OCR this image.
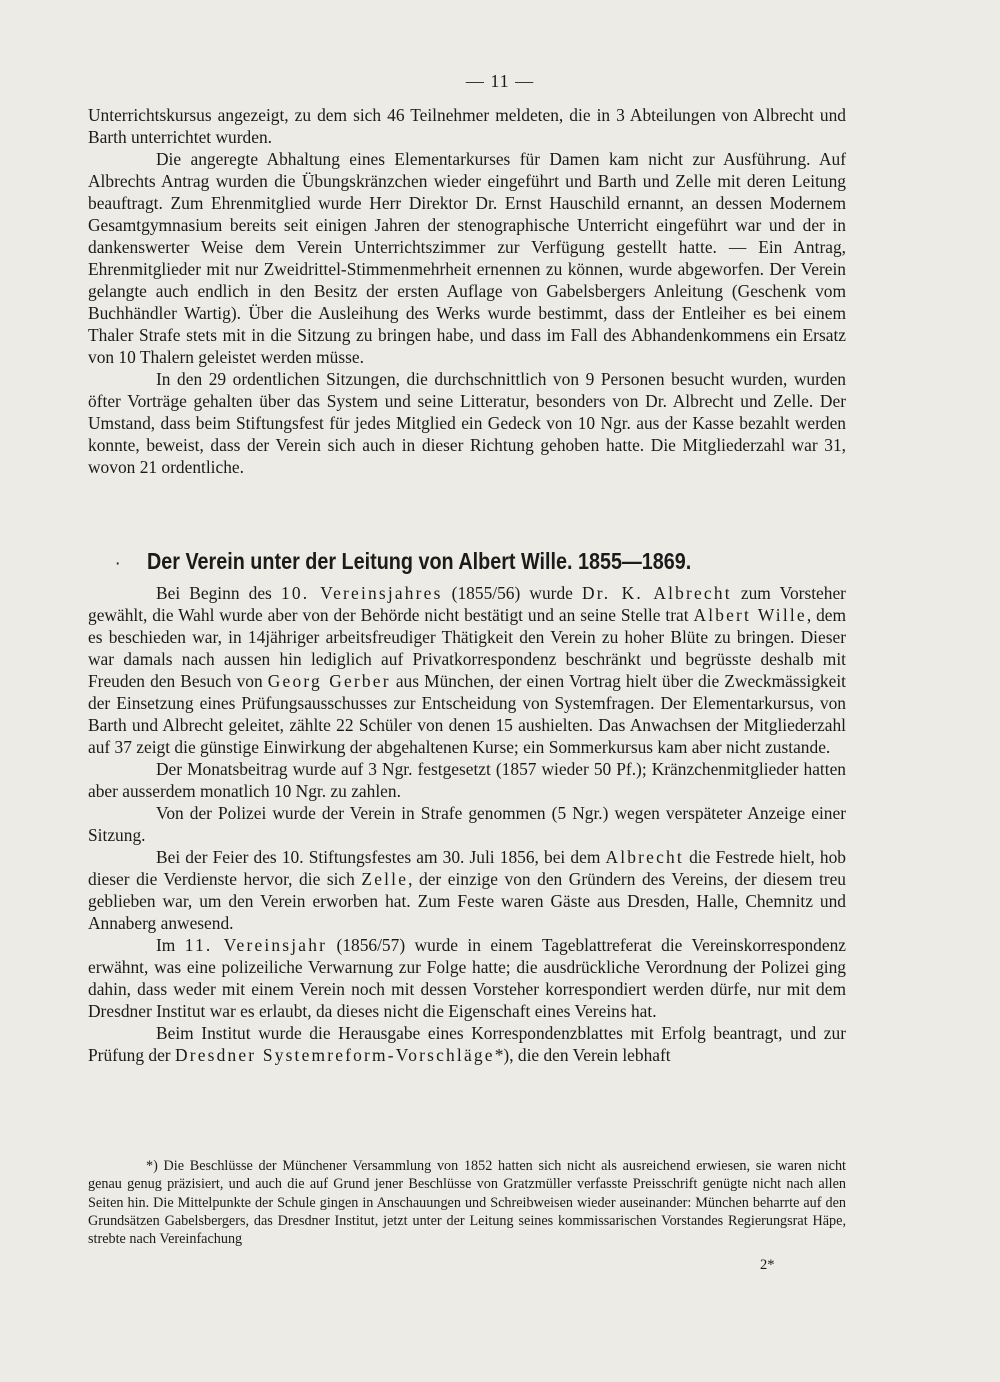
— 11 —

Unterrichtskursus angezeigt, zu dem sich 46 Teilnehmer meldeten, die in 3 Abteilungen von Albrecht und Barth unterrichtet wurden.

Die angeregte Abhaltung eines Elementarkurses für Damen kam nicht zur Ausführung. Auf Albrechts Antrag wurden die Übungskränzchen wieder eingeführt und Barth und Zelle mit deren Leitung beauftragt. Zum Ehrenmitglied wurde Herr Direktor Dr. Ernst Hauschild ernannt, an dessen Modernem Gesamtgymnasium bereits seit einigen Jahren der stenographische Unterricht eingeführt war und der in dankenswerter Weise dem Verein Unterrichtszimmer zur Verfügung gestellt hatte. — Ein Antrag, Ehrenmitglieder mit nur Zweidrittel-Stimmenmehrheit ernennen zu können, wurde abgeworfen. Der Verein gelangte auch endlich in den Besitz der ersten Auflage von Gabelsbergers Anleitung (Geschenk vom Buchhändler Wartig). Über die Ausleihung des Werks wurde bestimmt, dass der Entleiher es bei einem Thaler Strafe stets mit in die Sitzung zu bringen habe, und dass im Fall des Abhandenkommens ein Ersatz von 10 Thalern geleistet werden müsse.

In den 29 ordentlichen Sitzungen, die durchschnittlich von 9 Personen besucht wurden, wurden öfter Vorträge gehalten über das System und seine Litteratur, besonders von Dr. Albrecht und Zelle. Der Umstand, dass beim Stiftungsfest für jedes Mitglied ein Gedeck von 10 Ngr. aus der Kasse bezahlt werden konnte, beweist, dass der Verein sich auch in dieser Richtung gehoben hatte. Die Mitgliederzahl war 31, wovon 21 ordentliche.

· Der Verein unter der Leitung von Albert Wille. 1855—1869.

Bei Beginn des 10. Vereinsjahres (1855/56) wurde Dr. K. Albrecht zum Vorsteher gewählt, die Wahl wurde aber von der Behörde nicht bestätigt und an seine Stelle trat Albert Wille, dem es beschieden war, in 14jähriger arbeitsfreudiger Thätigkeit den Verein zu hoher Blüte zu bringen. Dieser war damals nach aussen hin lediglich auf Privatkorrespondenz beschränkt und begrüsste deshalb mit Freuden den Besuch von Georg Gerber aus München, der einen Vortrag hielt über die Zweckmässigkeit der Einsetzung eines Prüfungsausschusses zur Entscheidung von Systemfragen. Der Elementarkursus, von Barth und Albrecht geleitet, zählte 22 Schüler von denen 15 aushielten. Das Anwachsen der Mitgliederzahl auf 37 zeigt die günstige Einwirkung der abgehaltenen Kurse; ein Sommerkursus kam aber nicht zustande.

Der Monatsbeitrag wurde auf 3 Ngr. festgesetzt (1857 wieder 50 Pf.); Kränzchenmitglieder hatten aber ausserdem monatlich 10 Ngr. zu zahlen.

Von der Polizei wurde der Verein in Strafe genommen (5 Ngr.) wegen verspäteter Anzeige einer Sitzung.

Bei der Feier des 10. Stiftungsfestes am 30. Juli 1856, bei dem Albrecht die Festrede hielt, hob dieser die Verdienste hervor, die sich Zelle, der einzige von den Gründern des Vereins, der diesem treu geblieben war, um den Verein erworben hat. Zum Feste waren Gäste aus Dresden, Halle, Chemnitz und Annaberg anwesend.

Im 11. Vereinsjahr (1856/57) wurde in einem Tageblattreferat die Vereinskorrespondenz erwähnt, was eine polizeiliche Verwarnung zur Folge hatte; die ausdrückliche Verordnung der Polizei ging dahin, dass weder mit einem Verein noch mit dessen Vorsteher korrespondiert werden dürfe, nur mit dem Dresdner Institut war es erlaubt, da dieses nicht die Eigenschaft eines Vereins hat.

Beim Institut wurde die Herausgabe eines Korrespondenzblattes mit Erfolg beantragt, und zur Prüfung der Dresdner Systemreform-Vorschläge*), die den Verein lebhaft

*) Die Beschlüsse der Münchener Versammlung von 1852 hatten sich nicht als ausreichend erwiesen, sie waren nicht genau genug präzisiert, und auch die auf Grund jener Beschlüsse von Gratzmüller verfasste Preisschrift genügte nicht nach allen Seiten hin. Die Mittelpunkte der Schule gingen in Anschauungen und Schreibweisen wieder auseinander: München beharrte auf den Grundsätzen Gabelsbergers, das Dresdner Institut, jetzt unter der Leitung seines kommissarischen Vorstandes Regierungsrat Häpe, strebte nach Vereinfachung

2*
